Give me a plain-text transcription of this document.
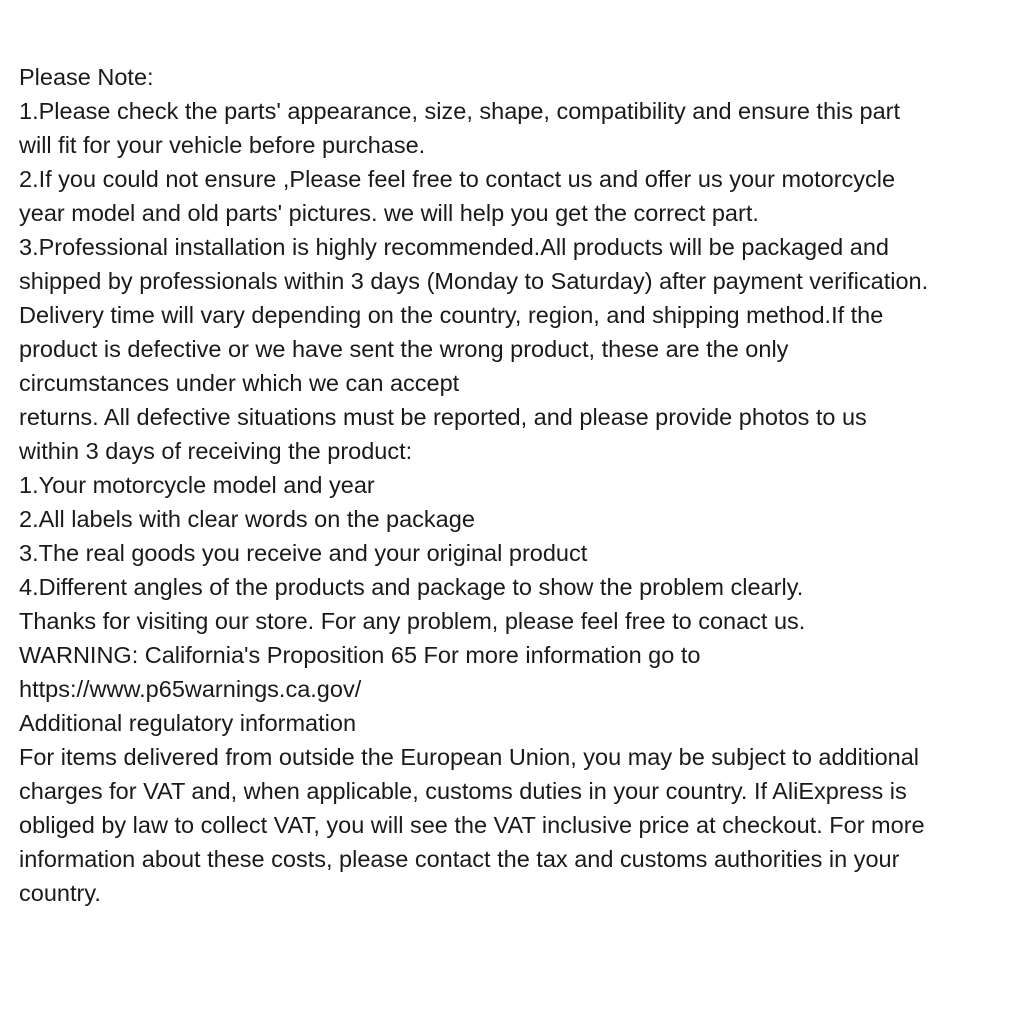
Please Note:
1.Please check the parts' appearance, size, shape, compatibility and ensure this part
will fit for your vehicle before purchase.
2.If you could not ensure ,Please feel free to contact us and offer us your motorcycle
year model and old parts' pictures. we will help you get the correct part.
3.Professional installation is highly recommended.All products will be packaged and
shipped by professionals within 3 days (Monday to Saturday) after payment verification.
Delivery time will vary depending on the country, region, and shipping method.If the
product is defective or we have sent the wrong product, these are the only
circumstances under which we can accept
returns. All defective situations must be reported, and please provide photos to us
within 3 days of receiving the product:
1.Your motorcycle model and year
2.All labels with clear words on the package
3.The real goods you receive and your original product
4.Different angles of the products and package to show the problem clearly.
Thanks for visiting our store. For any problem, please feel free to conact us.
WARNING: California's Proposition 65 For more information go to
https://www.p65warnings.ca.gov/
Additional regulatory information
For items delivered from outside the European Union, you may be subject to additional
charges for VAT and, when applicable, customs duties in your country. If AliExpress is
obliged by law to collect VAT, you will see the VAT inclusive price at checkout. For more
information about these costs, please contact the tax and customs authorities in your
country.
